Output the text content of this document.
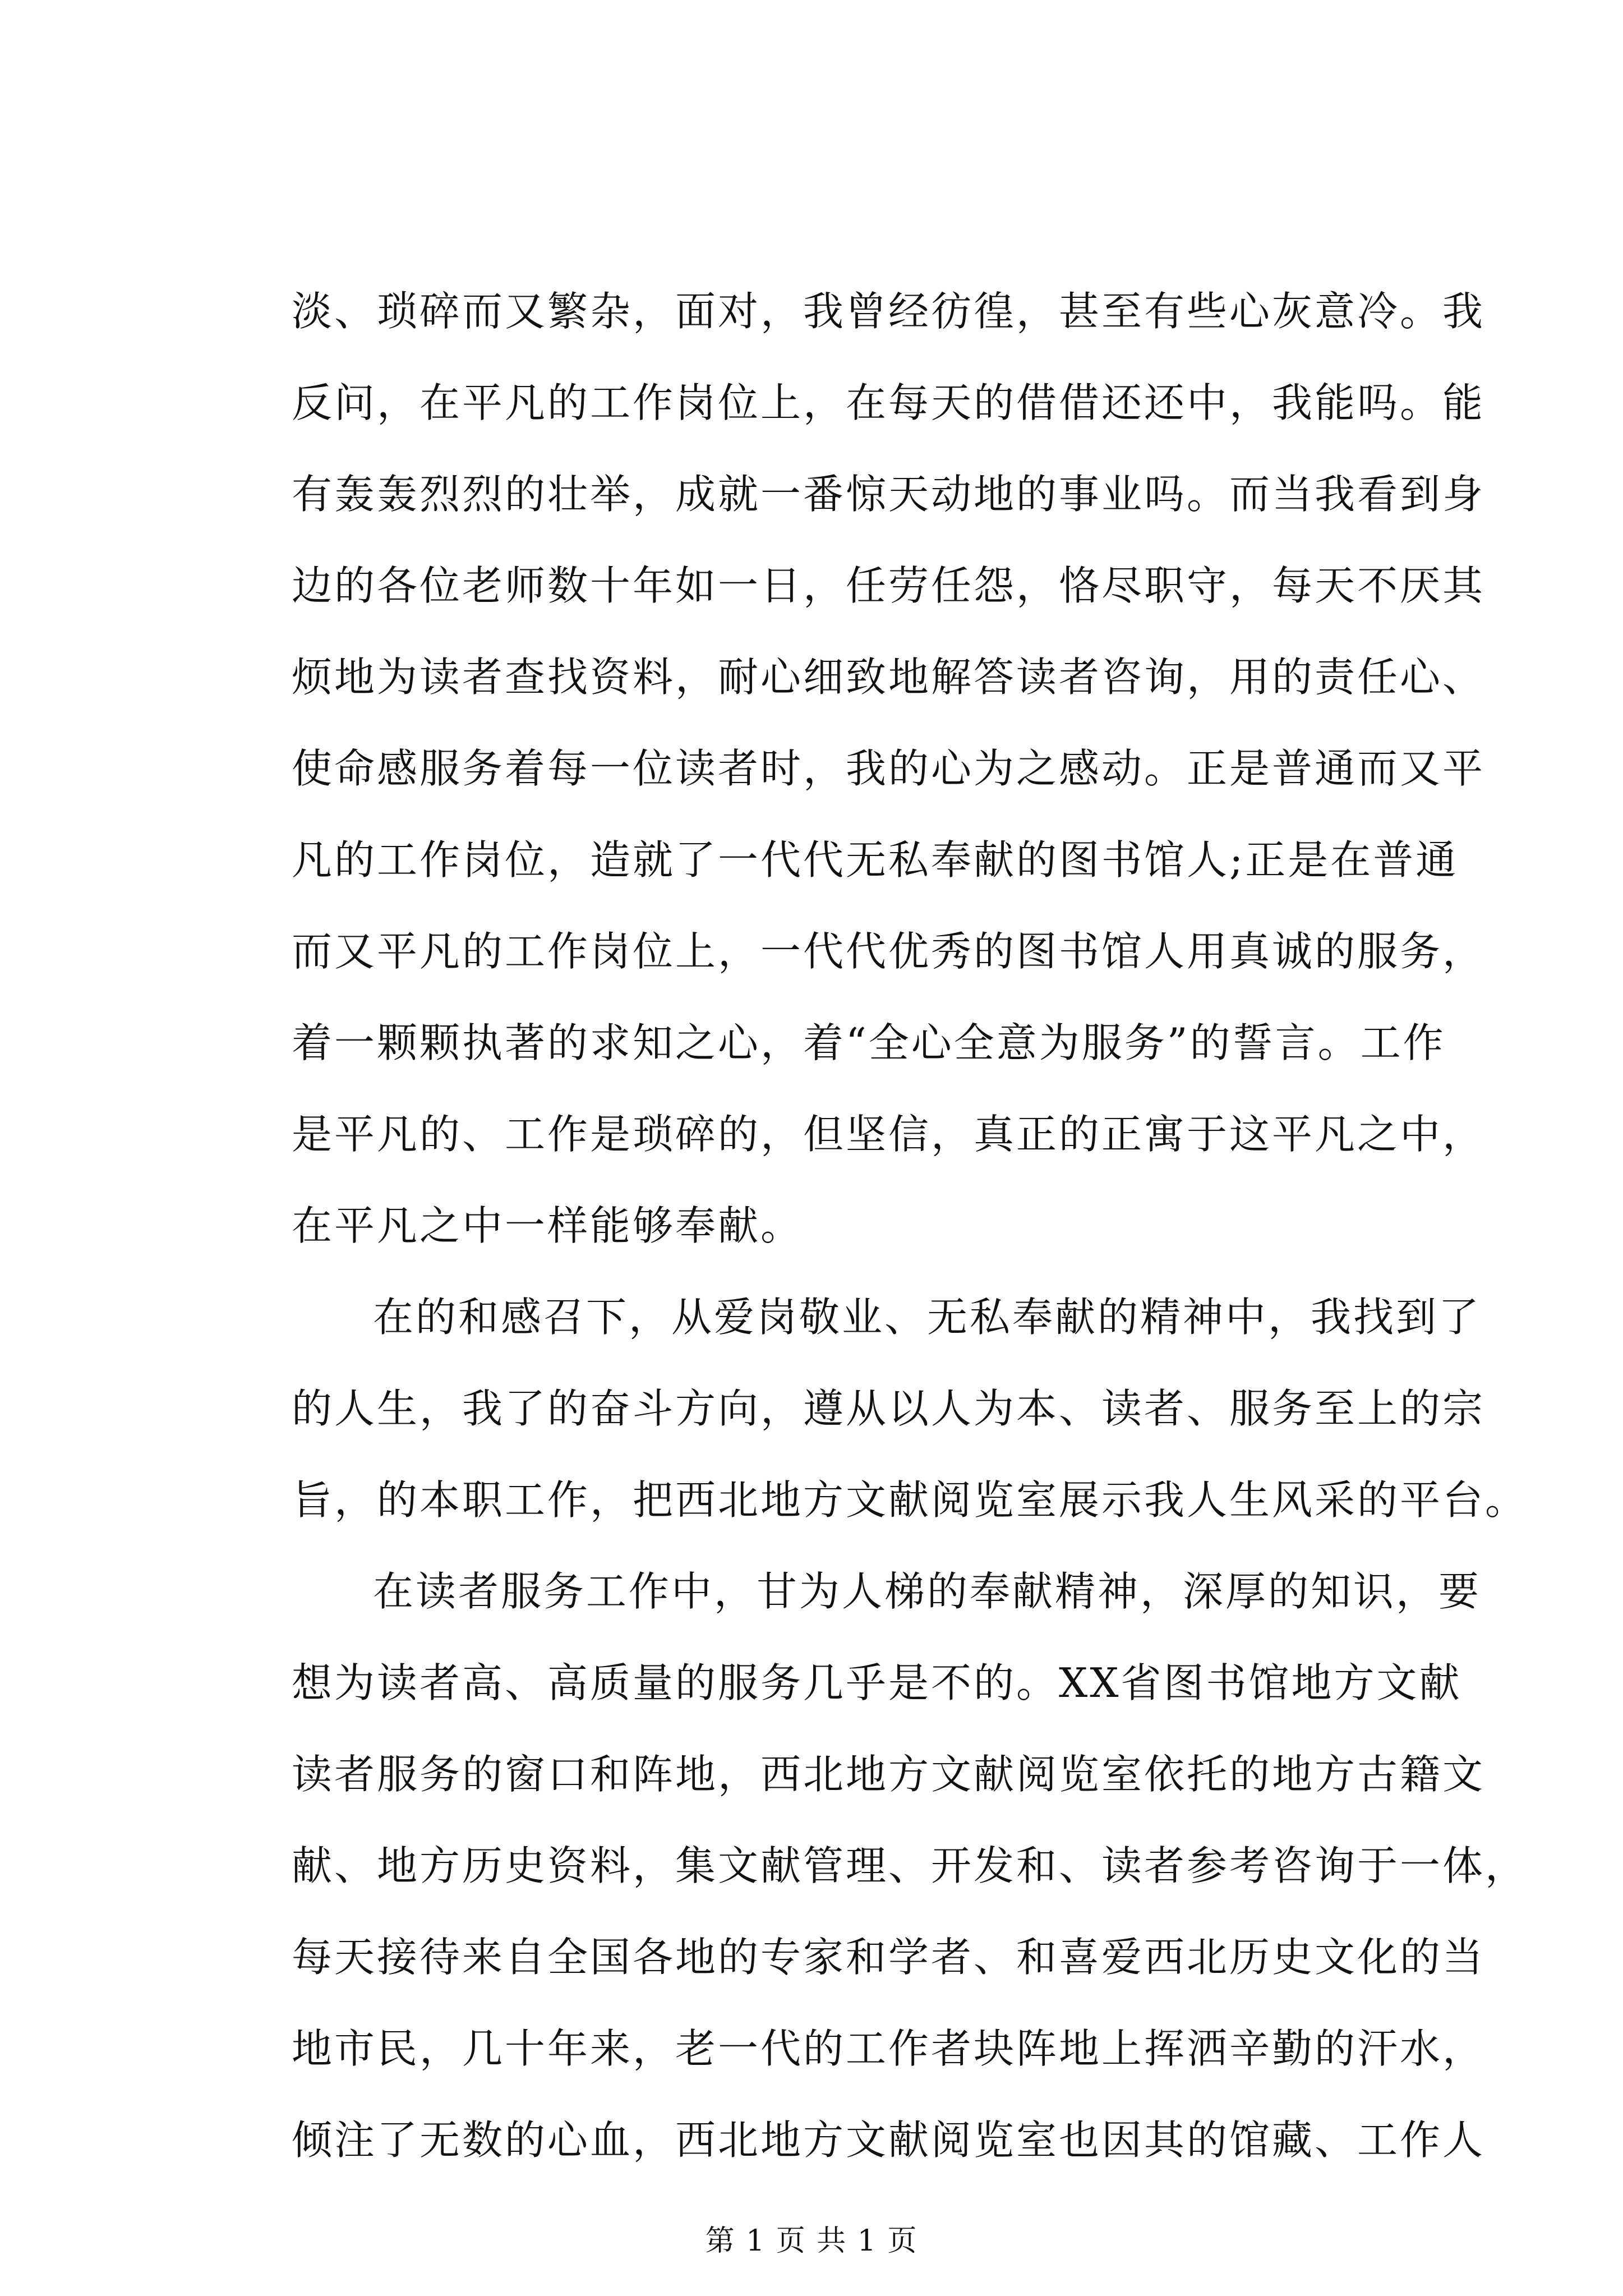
淡、琐碎而又繁杂，面对，我曾经彷徨，甚至有些心灰意冷。我
反问，在平凡的工作岗位上，在每天的借借还还中，我能吗。能
有轰轰烈烈的壮举，成就一番惊天动地的事业吗。而当我看到身
边的各位老师数十年如一日，任劳任怨，恪尽职守，每天不厌其
烦地为读者查找资料，耐心细致地解答读者咨询，用的责任心、
使命感服务着每一位读者时，我的心为之感动。正是普通而又平
凡的工作岗位，造就了一代代无私奉献的图书馆人;正是在普通
而又平凡的工作岗位上，一代代优秀的图书馆人用真诚的服务，
着一颗颗执著的求知之心，着“全心全意为服务”的誓言。工作
是平凡的、工作是琐碎的，但坚信，真正的正寓于这平凡之中，
在平凡之中一样能够奉献。
在的和感召下，从爱岗敬业、无私奉献的精神中，我找到了
的人生，我了的奋斗方向，遵从以人为本、读者、服务至上的宗
旨，的本职工作，把西北地方文献阅览室展示我人生风采的平台。
在读者服务工作中，甘为人梯的奉献精神，深厚的知识，要
想为读者高、高质量的服务几乎是不的。XX省图书馆地方文献
读者服务的窗口和阵地，西北地方文献阅览室依托的地方古籍文
献、地方历史资料，集文献管理、开发和、读者参考咨询于一体，
每天接待来自全国各地的专家和学者、和喜爱西北历史文化的当
地市民，几十年来，老一代的工作者块阵地上挥洒辛勤的汗水，
倾注了无数的心血，西北地方文献阅览室也因其的馆藏、工作人
第 1 页 共 1 页
